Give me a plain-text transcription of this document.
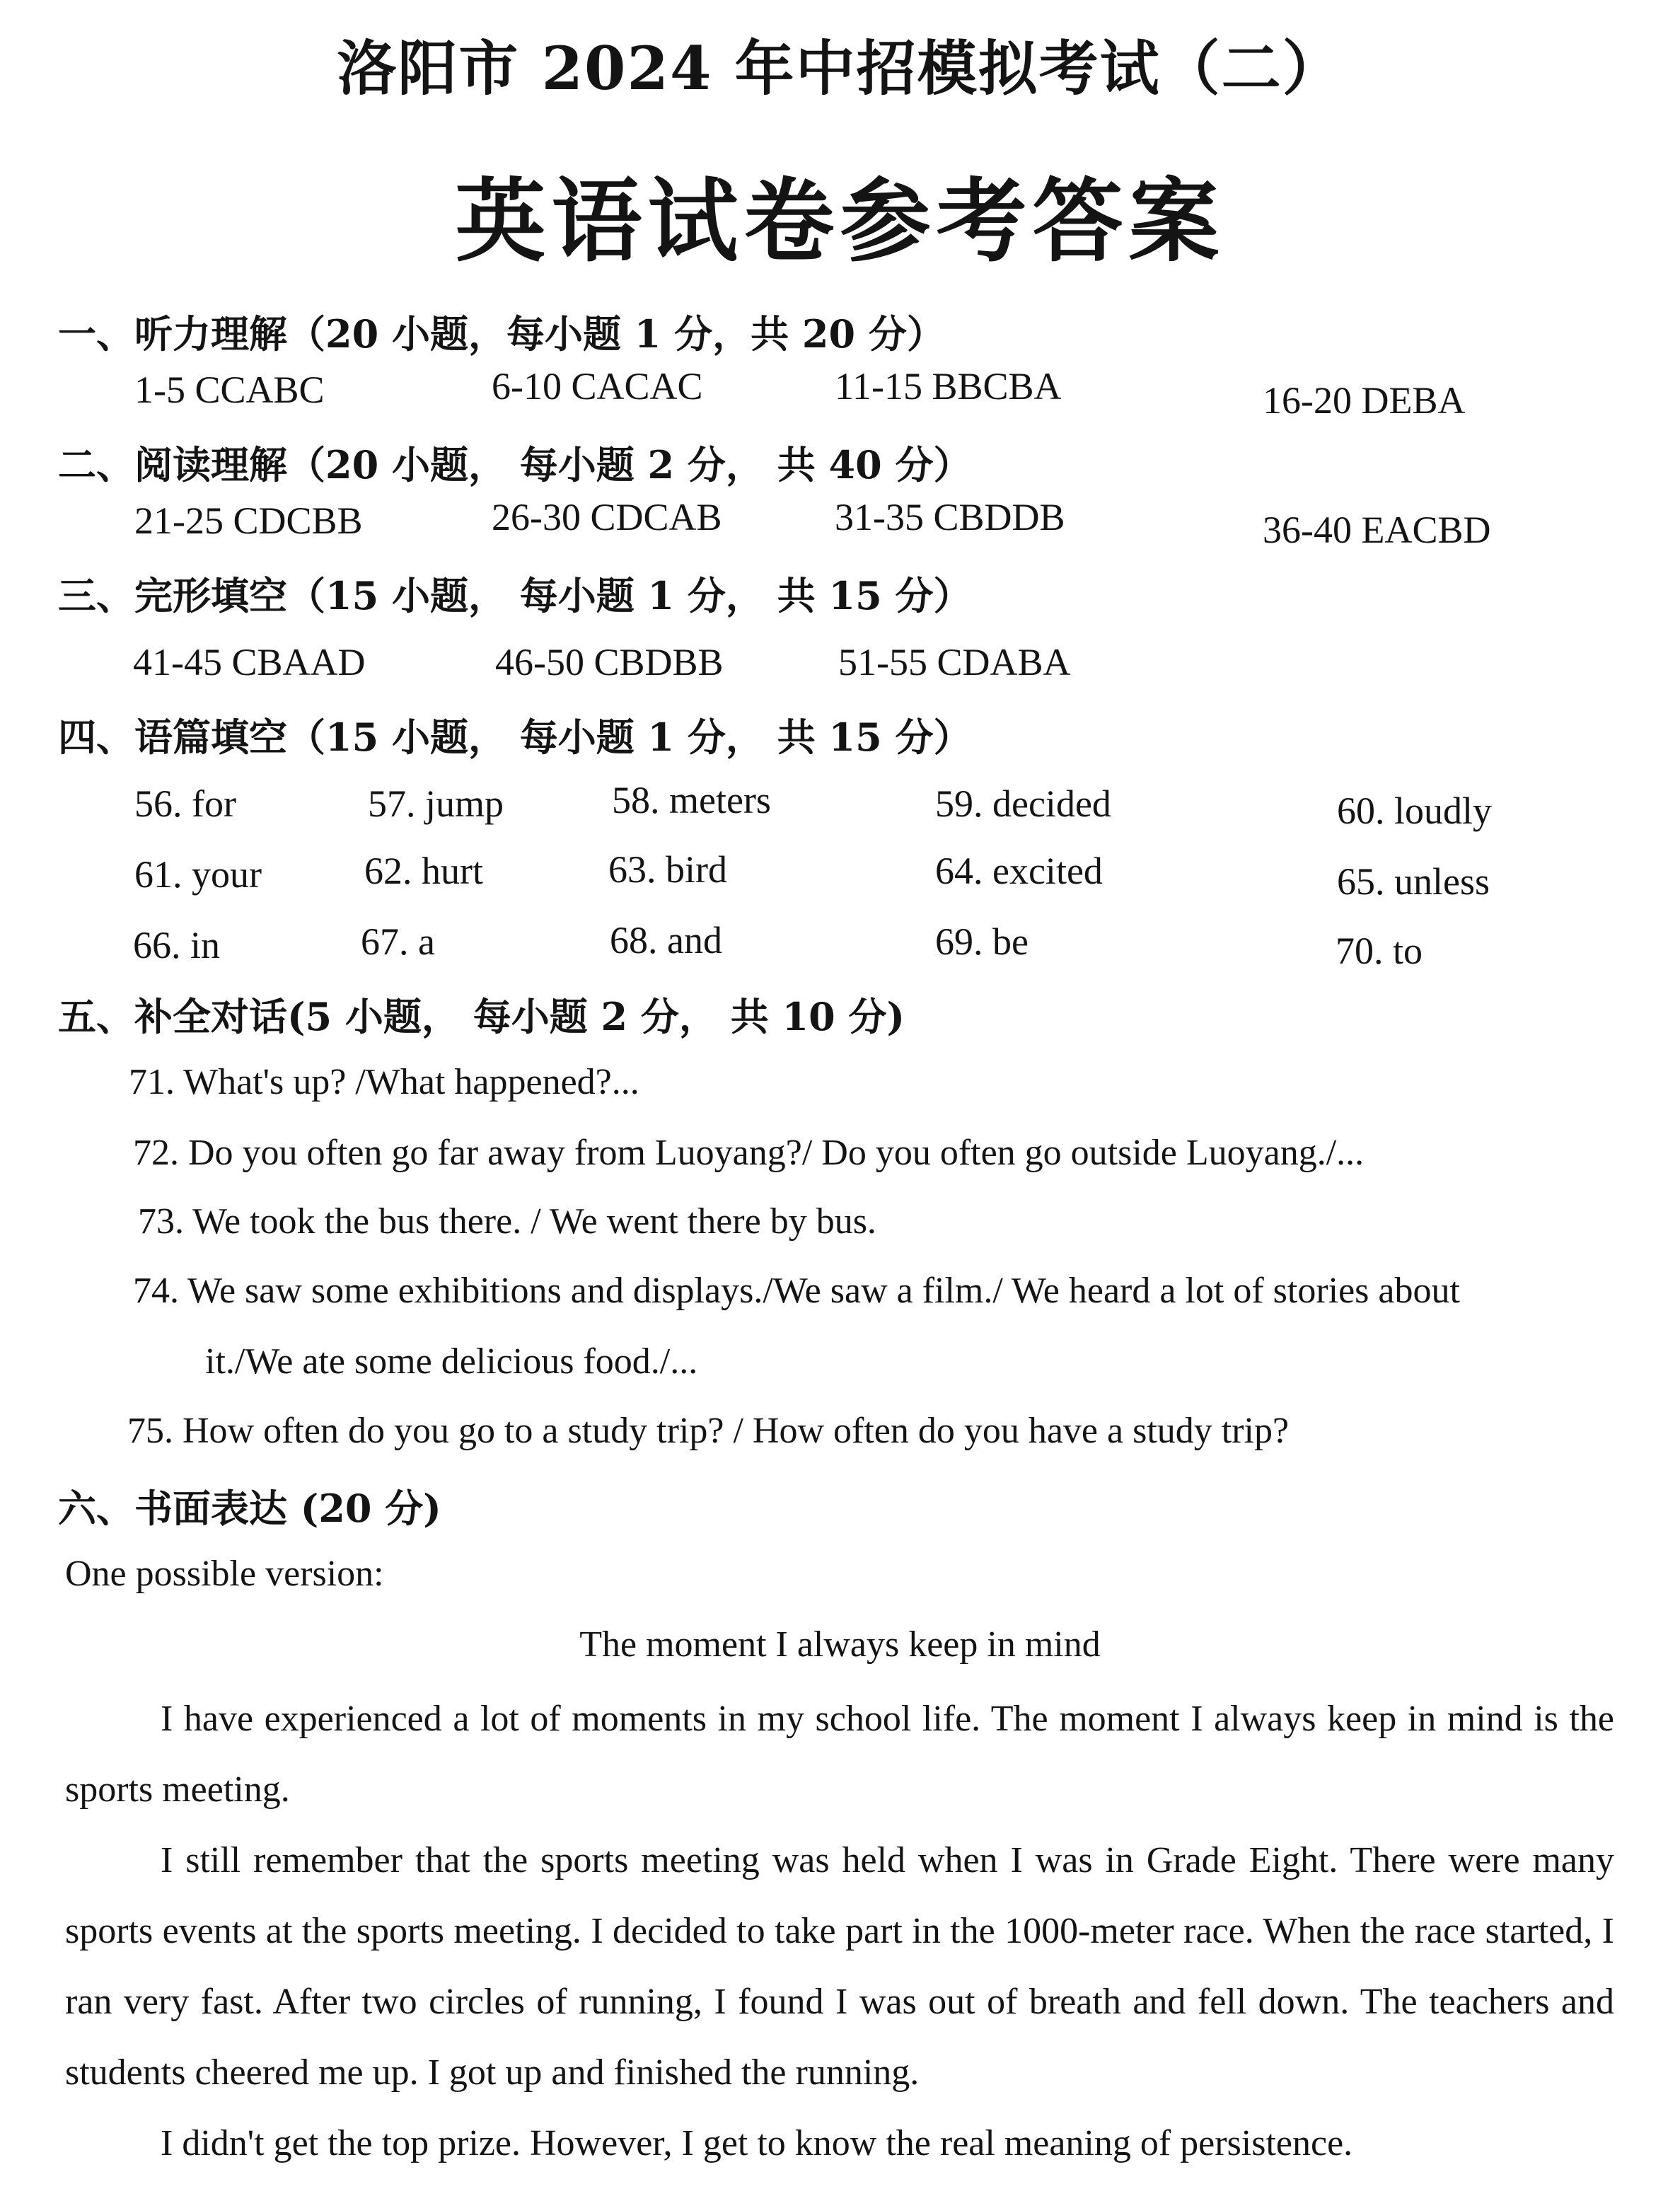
洛阳市 2024 年中招模拟考试（二）
英语试卷参考答案
一、听力理解（20 小题，每小题 1 分，共 20 分）
1-5 CCABC	6-10 CACAC	11-15 BBCBA	16-20 DEBA
二、阅读理解（20 小题， 每小题 2 分， 共 40 分）
21-25 CDCBB	26-30 CDCAB	31-35 CBDDB	36-40 EACBD
三、完形填空（15 小题， 每小题 1 分， 共 15 分）
41-45 CBAAD	46-50 CBDBB	51-55 CDABA
四、语篇填空（15 小题， 每小题 1 分， 共 15 分）
56. for	57. jump	58. meters	59. decided	60. loudly
61. your	62. hurt	63. bird	64. excited	65. unless
66. in	67. a	68. and	69. be	70. to
五、补全对话(5 小题， 每小题 2 分， 共 10 分)
71. What's up? /What happened?...
72. Do you often go far away from Luoyang?/ Do you often go outside Luoyang./...
73. We took the bus there. / We went there by bus.
74. We saw some exhibitions and displays./We saw a film./ We heard a lot of stories about
it./We ate some delicious food./...
75. How often do you go to a study trip? / How often do you have a study trip?
六、书面表达 (20 分)
One possible version:
The moment I always keep in mind
I have experienced a lot of moments in my school life. The moment I always keep in mind is the sports meeting.
I still remember that the sports meeting was held when I was in Grade Eight. There were many sports events at the sports meeting. I decided to take part in the 1000-meter race. When the race started, I ran very fast. After two circles of running, I found I was out of breath and fell down. The teachers and students cheered me up. I got up and finished the running.
I didn't get the top prize. However, I get to know the real meaning of persistence.
